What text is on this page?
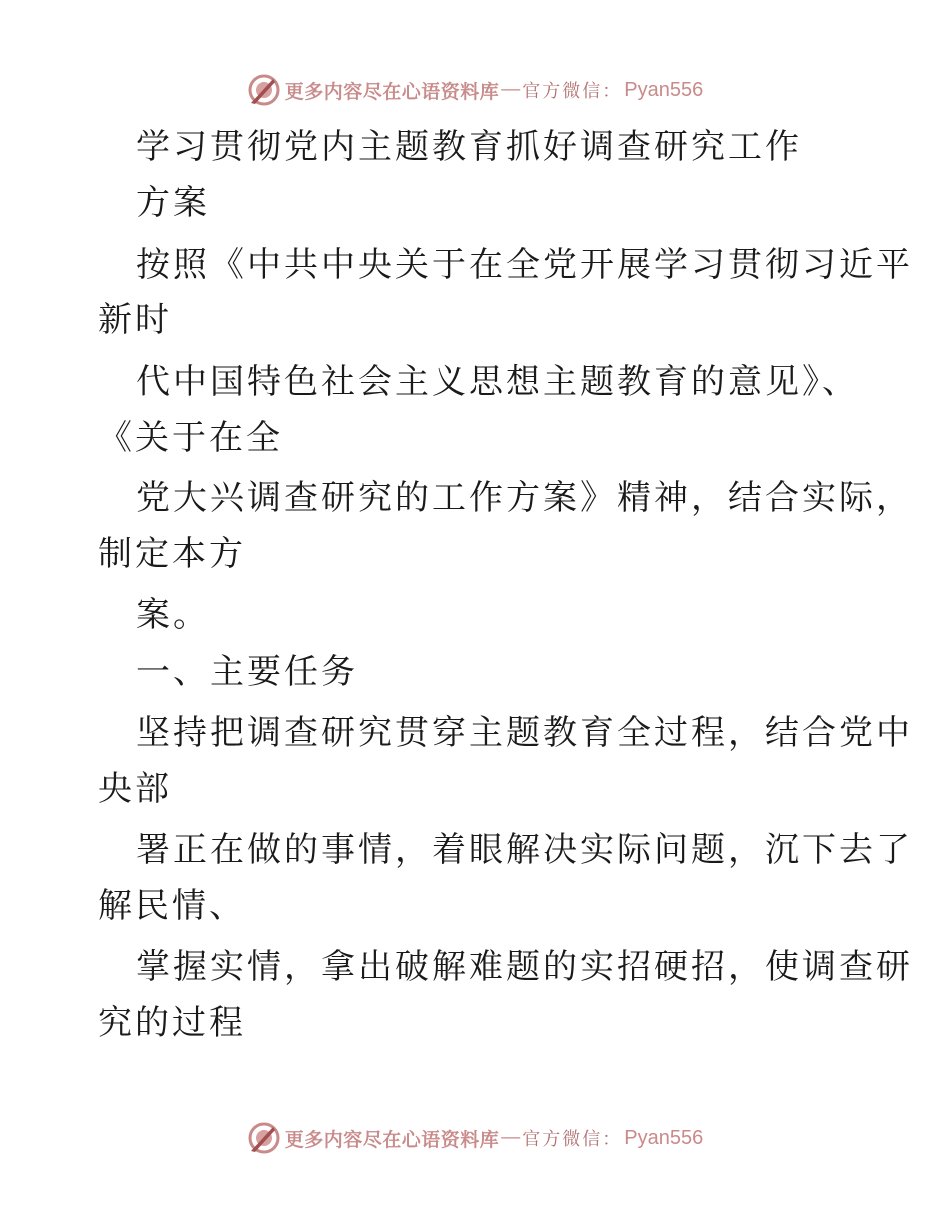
更多内容尽在心语资料库 — 官方微信： Pyan556
学习贯彻党内主题教育抓好调查研究工作
方案
按照《中共中央关于在全党开展学习贯彻习近平
新时
代中国特色社会主义思想主题教育的意见》、
《关于在全
党大兴调查研究的工作方案》精神，结合实际，
制定本方
案。
一、主要任务
坚持把调查研究贯穿主题教育全过程，结合党中
央部
署正在做的事情，着眼解决实际问题，沉下去了
解民情、
掌握实情，拿出破解难题的实招硬招，使调查研
究的过程
更多内容尽在心语资料库 — 官方微信： Pyan556
